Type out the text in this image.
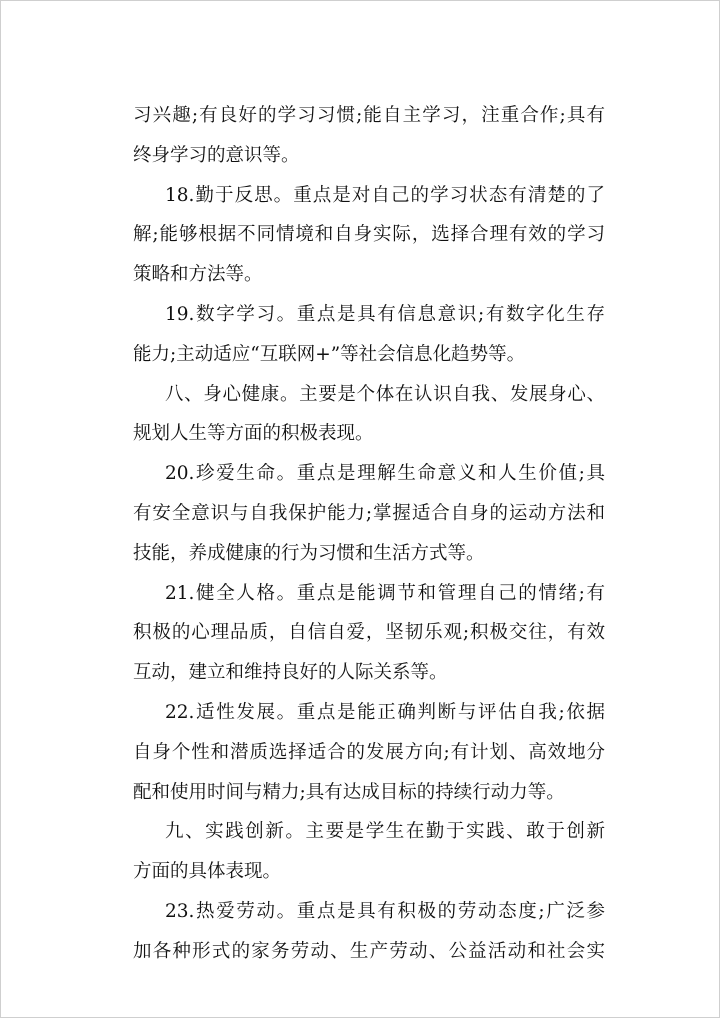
习兴趣;有良好的学习习惯;能自主学习，注重合作;具有
终身学习的意识等。
18.勤于反思。重点是对自己的学习状态有清楚的了
解;能够根据不同情境和自身实际，选择合理有效的学习
策略和方法等。
19.数字学习。重点是具有信息意识;有数字化生存
能力;主动适应“互联网+”等社会信息化趋势等。
八、身心健康。主要是个体在认识自我、发展身心、
规划人生等方面的积极表现。
20.珍爱生命。重点是理解生命意义和人生价值;具
有安全意识与自我保护能力;掌握适合自身的运动方法和
技能，养成健康的行为习惯和生活方式等。
21.健全人格。重点是能调节和管理自己的情绪;有
积极的心理品质，自信自爱，坚韧乐观;积极交往，有效
互动，建立和维持良好的人际关系等。
22.适性发展。重点是能正确判断与评估自我;依据
自身个性和潜质选择适合的发展方向;有计划、高效地分
配和使用时间与精力;具有达成目标的持续行动力等。
九、实践创新。主要是学生在勤于实践、敢于创新
方面的具体表现。
23.热爱劳动。重点是具有积极的劳动态度;广泛参
加各种形式的家务劳动、生产劳动、公益活动和社会实
